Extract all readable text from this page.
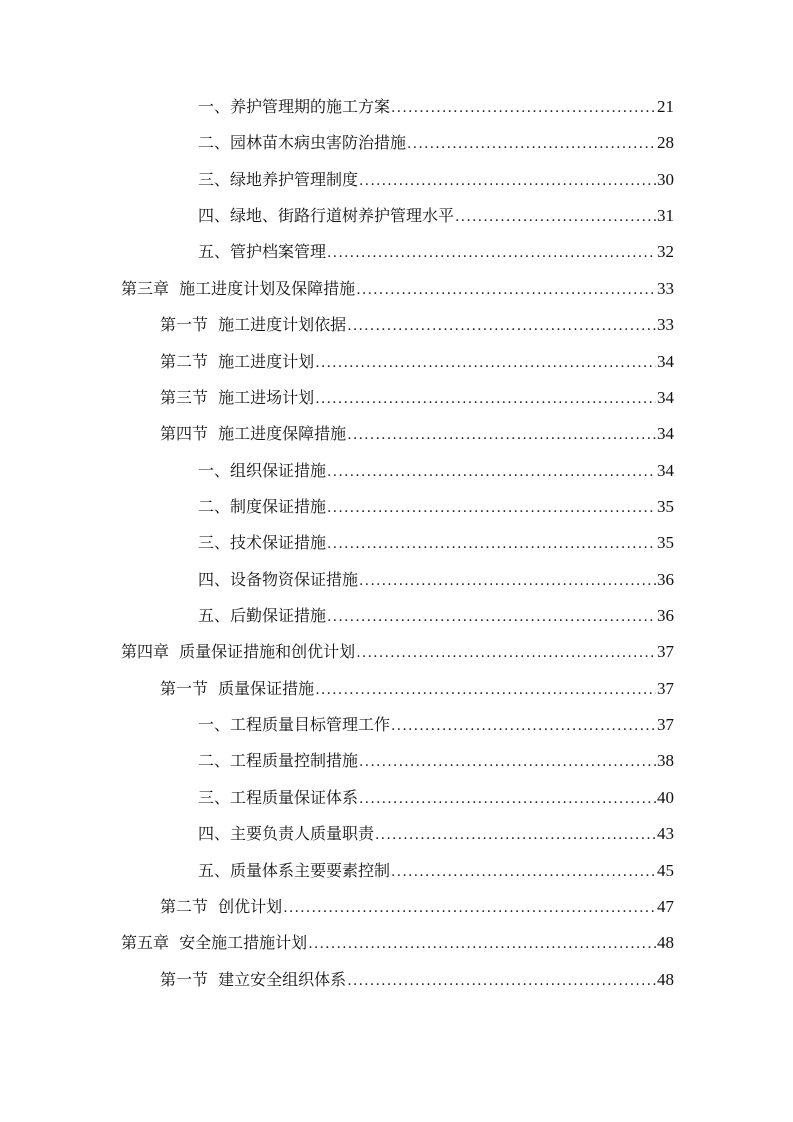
一、养护管理期的施工方案 .....	21
二、园林苗木病虫害防治措施 .....	28
三、绿地养护管理制度 .....	30
四、绿地、街路行道树养护管理水平 .....	31
五、管护档案管理 .....	32
第三章  施工进度计划及保障措施 .....	33
第一节  施工进度计划依据 .....	33
第二节  施工进度计划 .....	34
第三节  施工进场计划 .....	34
第四节  施工进度保障措施 .....	34
一、组织保证措施 .....	34
二、制度保证措施 .....	35
三、技术保证措施 .....	35
四、设备物资保证措施 .....	36
五、后勤保证措施 .....	36
第四章  质量保证措施和创优计划 .....	37
第一节  质量保证措施 .....	37
一、工程质量目标管理工作 .....	37
二、工程质量控制措施 .....	38
三、工程质量保证体系 .....	40
四、主要负责人质量职责 .....	43
五、质量体系主要要素控制 .....	45
第二节  创优计划 .....	47
第五章  安全施工措施计划 .....	48
第一节  建立安全组织体系 .....	48
